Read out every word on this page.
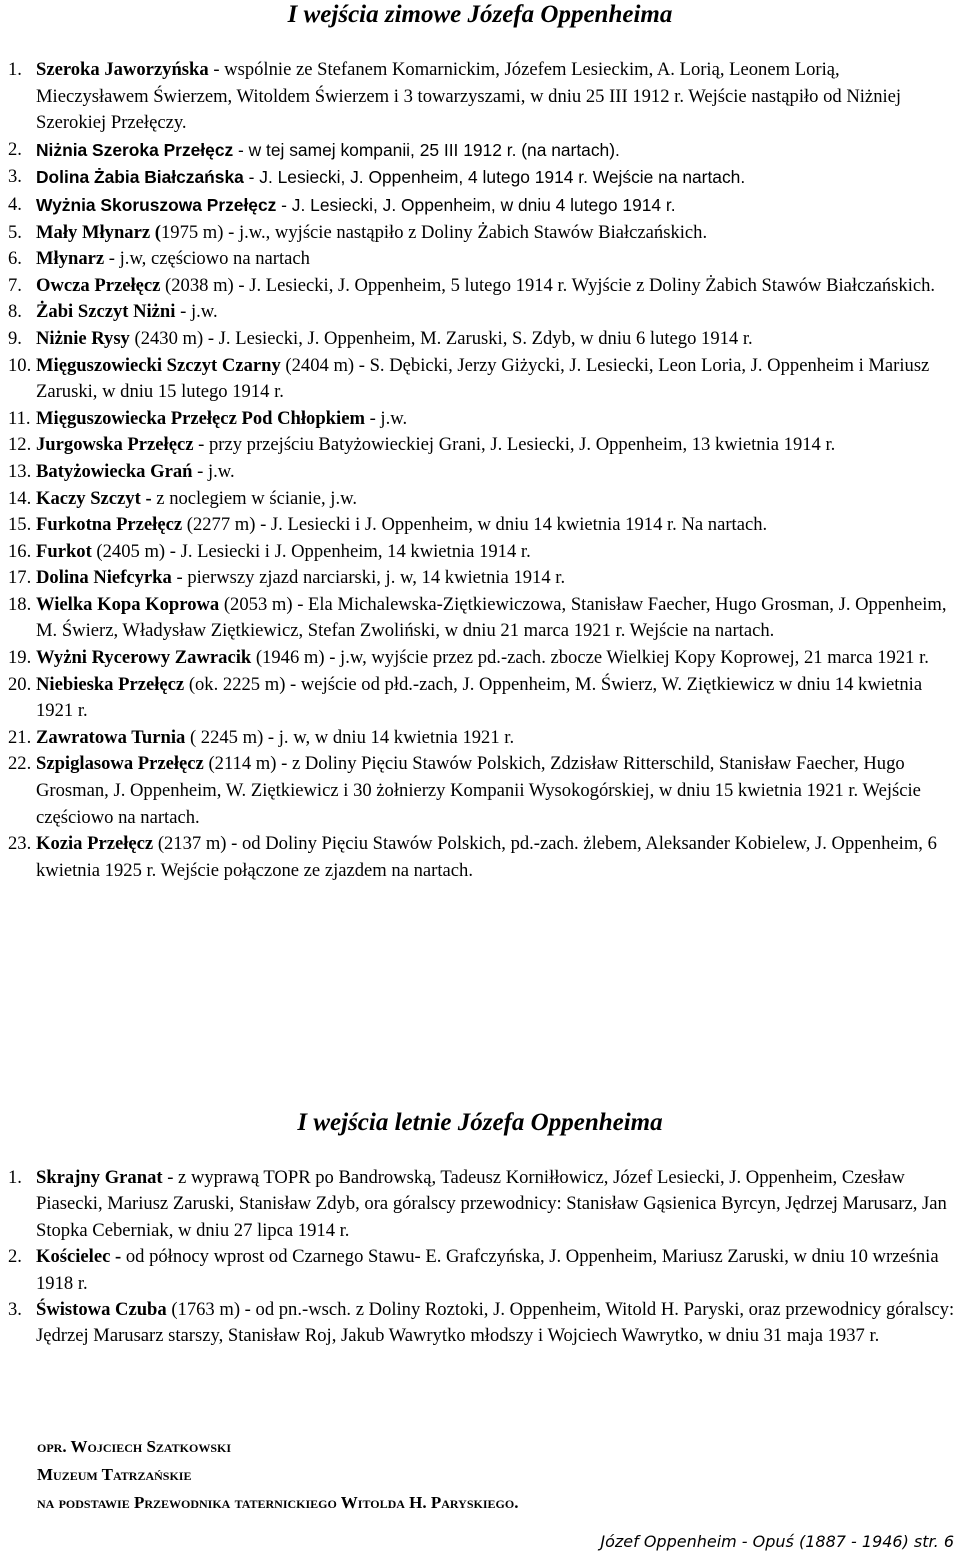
I wejścia zimowe Józefa Oppenheima
1. Szeroka Jaworzyńska - wspólnie ze Stefanem Komarnickim, Józefem Lesieckim, A. Lorią, Leonem Lorią, Mieczysławem Świerzem, Witoldem Świerzem i 3 towarzyszami, w dniu 25 III 1912 r. Wejście nastąpiło od Niżniej Szerokiej Przełęczy.
2. Niżnia Szeroka Przełęcz - w tej samej kompanii, 25 III 1912 r. (na nartach).
3. Dolina Żabia Białczańska - J. Lesiecki, J. Oppenheim, 4 lutego 1914 r. Wejście na nartach.
4. Wyżnia Skoruszowa Przełęcz - J. Lesiecki, J. Oppenheim, w dniu 4 lutego 1914 r.
5. Mały Młynarz (1975 m) - j.w., wyjście nastąpiło z Doliny Żabich Stawów Białczańskich.
6. Młynarz - j.w, częściowo na nartach
7. Owcza Przełęcz (2038 m) - J. Lesiecki, J. Oppenheim, 5 lutego 1914 r. Wyjście z Doliny Żabich Stawów Białczańskich.
8. Żabi Szczyt Niżni - j.w.
9. Niżnie Rysy (2430 m) - J. Lesiecki, J. Oppenheim, M. Zaruski, S. Zdyb, w dniu 6 lutego 1914 r.
10. Mięguszowiecki Szczyt Czarny (2404 m) - S. Dębicki, Jerzy Giżycki, J. Lesiecki, Leon Loria, J. Oppenheim i Mariusz Zaruski, w dniu 15 lutego 1914 r.
11. Mięguszowiecka Przełęcz Pod Chłopkiem - j.w.
12. Jurgowska Przełęcz - przy przejściu Batyżowieckiej Grani, J. Lesiecki, J. Oppenheim, 13 kwietnia 1914 r.
13. Batyżowiecka Grań - j.w.
14. Kaczy Szczyt - z noclegiem w ścianie, j.w.
15. Furkotna Przełęcz (2277 m) - J. Lesiecki i J. Oppenheim, w dniu 14 kwietnia 1914 r. Na nartach.
16. Furkot (2405 m) - J. Lesiecki i J. Oppenheim, 14 kwietnia 1914 r.
17. Dolina Niefcyrka - pierwszy zjazd narciarski, j. w, 14 kwietnia 1914 r.
18. Wielka Kopa Koprowa (2053 m) - Ela Michalewska-Ziętkiewiczowa, Stanisław Faecher, Hugo Grosman, J. Oppenheim, M. Świerz, Władysław Ziętkiewicz, Stefan Zwoliński, w dniu 21 marca 1921 r. Wejście na nartach.
19. Wyżni Rycerowy Zawracik (1946 m) - j.w, wyjście przez pd.-zach. zbocze Wielkiej Kopy Koprowej, 21 marca 1921 r.
20. Niebieska Przełęcz (ok. 2225 m) - wejście od płd.-zach, J. Oppenheim, M. Świerz, W. Ziętkiewicz w dniu 14 kwietnia 1921 r.
21. Zawratowa Turnia ( 2245 m) - j. w, w dniu 14 kwietnia 1921 r.
22. Szpiglasowa Przełęcz (2114 m) - z Doliny Pięciu Stawów Polskich, Zdzisław Ritterschild, Stanisław Faecher, Hugo Grosman, J. Oppenheim, W. Ziętkiewicz i 30 żołnierzy Kompanii Wysokogórskiej, w dniu 15 kwietnia 1921 r. Wejście częściowo na nartach.
23. Kozia Przełęcz (2137 m) - od Doliny Pięciu Stawów Polskich, pd.-zach. żlebem, Aleksander Kobielew, J. Oppenheim, 6 kwietnia 1925 r. Wejście połączone ze zjazdem na nartach.
I wejścia letnie Józefa Oppenheima
1. Skrajny Granat - z wyprawą TOPR po Bandrowską, Tadeusz Korniłłowicz, Józef Lesiecki, J. Oppenheim, Czesław Piasecki, Mariusz Zaruski, Stanisław Zdyb, ora góralscy przewodnicy: Stanisław Gąsienica Byrcyn, Jędrzej Marusarz, Jan Stopka Ceberniak, w dniu 27 lipca 1914 r.
2. Kościelec - od północy wprost od Czarnego Stawu- E. Grafczyńska, J. Oppenheim, Mariusz Zaruski, w dniu 10 września 1918 r.
3. Świstowa Czuba (1763 m) - od pn.-wsch. z Doliny Roztoki, J. Oppenheim, Witold H. Paryski, oraz przewodnicy góralscy: Jędrzej Marusarz starszy, Stanisław Roj, Jakub Wawrytko młodszy i Wojciech Wawrytko, w dniu 31 maja 1937 r.
opr. Wojciech Szatkowski
Muzeum Tatrzańskie
na podstawie Przewodnika taternickiego Witolda H. Paryskiego.
Józef Oppenheim - Opuś (1887 - 1946) str. 6
